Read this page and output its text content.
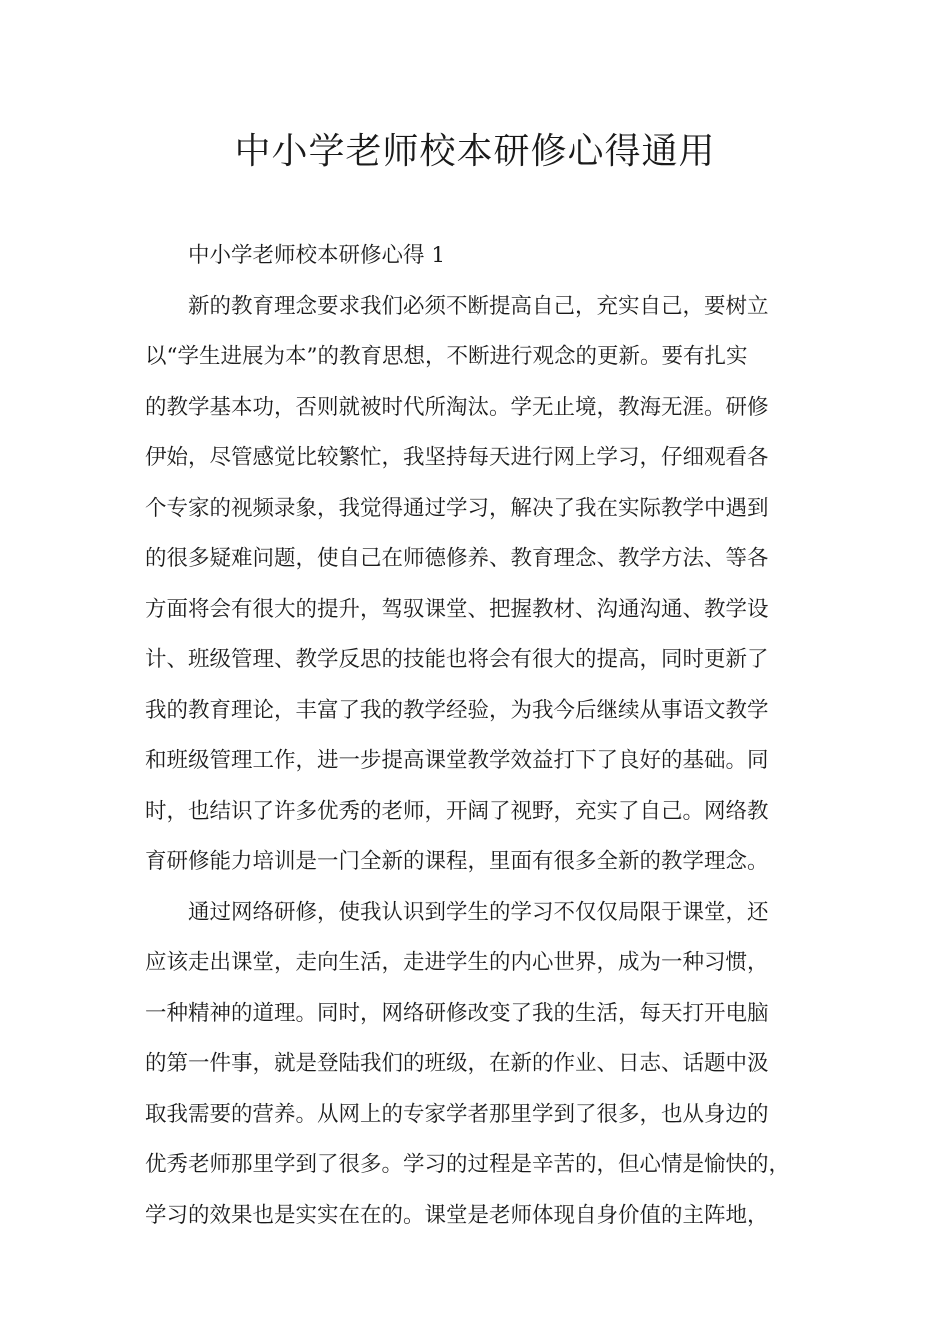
中小学老师校本研修心得通用
中小学老师校本研修心得 1
新的教育理念要求我们必须不断提高自己，充实自己，要树立
以“学生进展为本”的教育思想，不断进行观念的更新。要有扎实
的教学基本功，否则就被时代所淘汰。学无止境，教海无涯。研修
伊始，尽管感觉比较繁忙，我坚持每天进行网上学习，仔细观看各
个专家的视频录象，我觉得通过学习，解决了我在实际教学中遇到
的很多疑难问题，使自己在师德修养、教育理念、教学方法、等各
方面将会有很大的提升，驾驭课堂、把握教材、沟通沟通、教学设
计、班级管理、教学反思的技能也将会有很大的提高，同时更新了
我的教育理论，丰富了我的教学经验，为我今后继续从事语文教学
和班级管理工作，进一步提高课堂教学效益打下了良好的基础。同
时，也结识了许多优秀的老师，开阔了视野，充实了自己。网络教
育研修能力培训是一门全新的课程，里面有很多全新的教学理念。
通过网络研修，使我认识到学生的学习不仅仅局限于课堂，还
应该走出课堂，走向生活，走进学生的内心世界，成为一种习惯，
一种精神的道理。同时，网络研修改变了我的生活，每天打开电脑
的第一件事，就是登陆我们的班级，在新的作业、日志、话题中汲
取我需要的营养。从网上的专家学者那里学到了很多，也从身边的
优秀老师那里学到了很多。学习的过程是辛苦的，但心情是愉快的，
学习的效果也是实实在在的。课堂是老师体现自身价值的主阵地，
